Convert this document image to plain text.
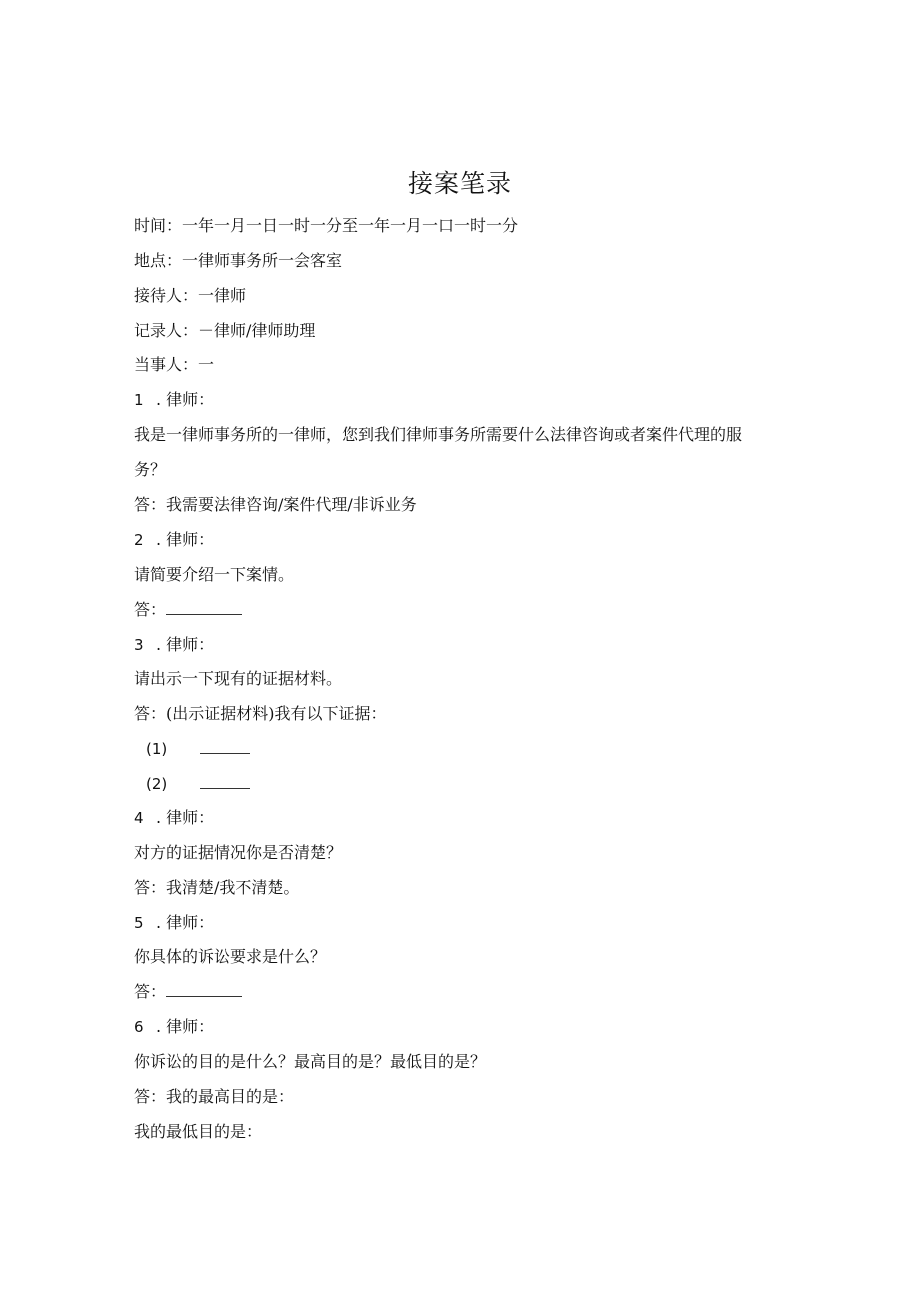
接案笔录
时间：一年一月一日一时一分至一年一月一口一时一分
地点：一律师事务所一会客室
接待人：一律师
记录人：－律师/律师助理
当事人：一
1 . 律师：
我是一律师事务所的一律师，您到我们律师事务所需要什么法律咨询或者案件代理的服
务？
答：我需要法律咨询/案件代理/非诉业务
2 . 律师：
请简要介绍一下案情。
答：
3 . 律师：
请出示一下现有的证据材料。
答：(出示证据材料)我有以下证据：
(1)
(2)
4 . 律师：
对方的证据情况你是否清楚？
答：我清楚/我不清楚。
5 . 律师：
你具体的诉讼要求是什么？
答：
6 . 律师：
你诉讼的目的是什么？最高目的是？最低目的是？
答：我的最高目的是：
我的最低目的是：
